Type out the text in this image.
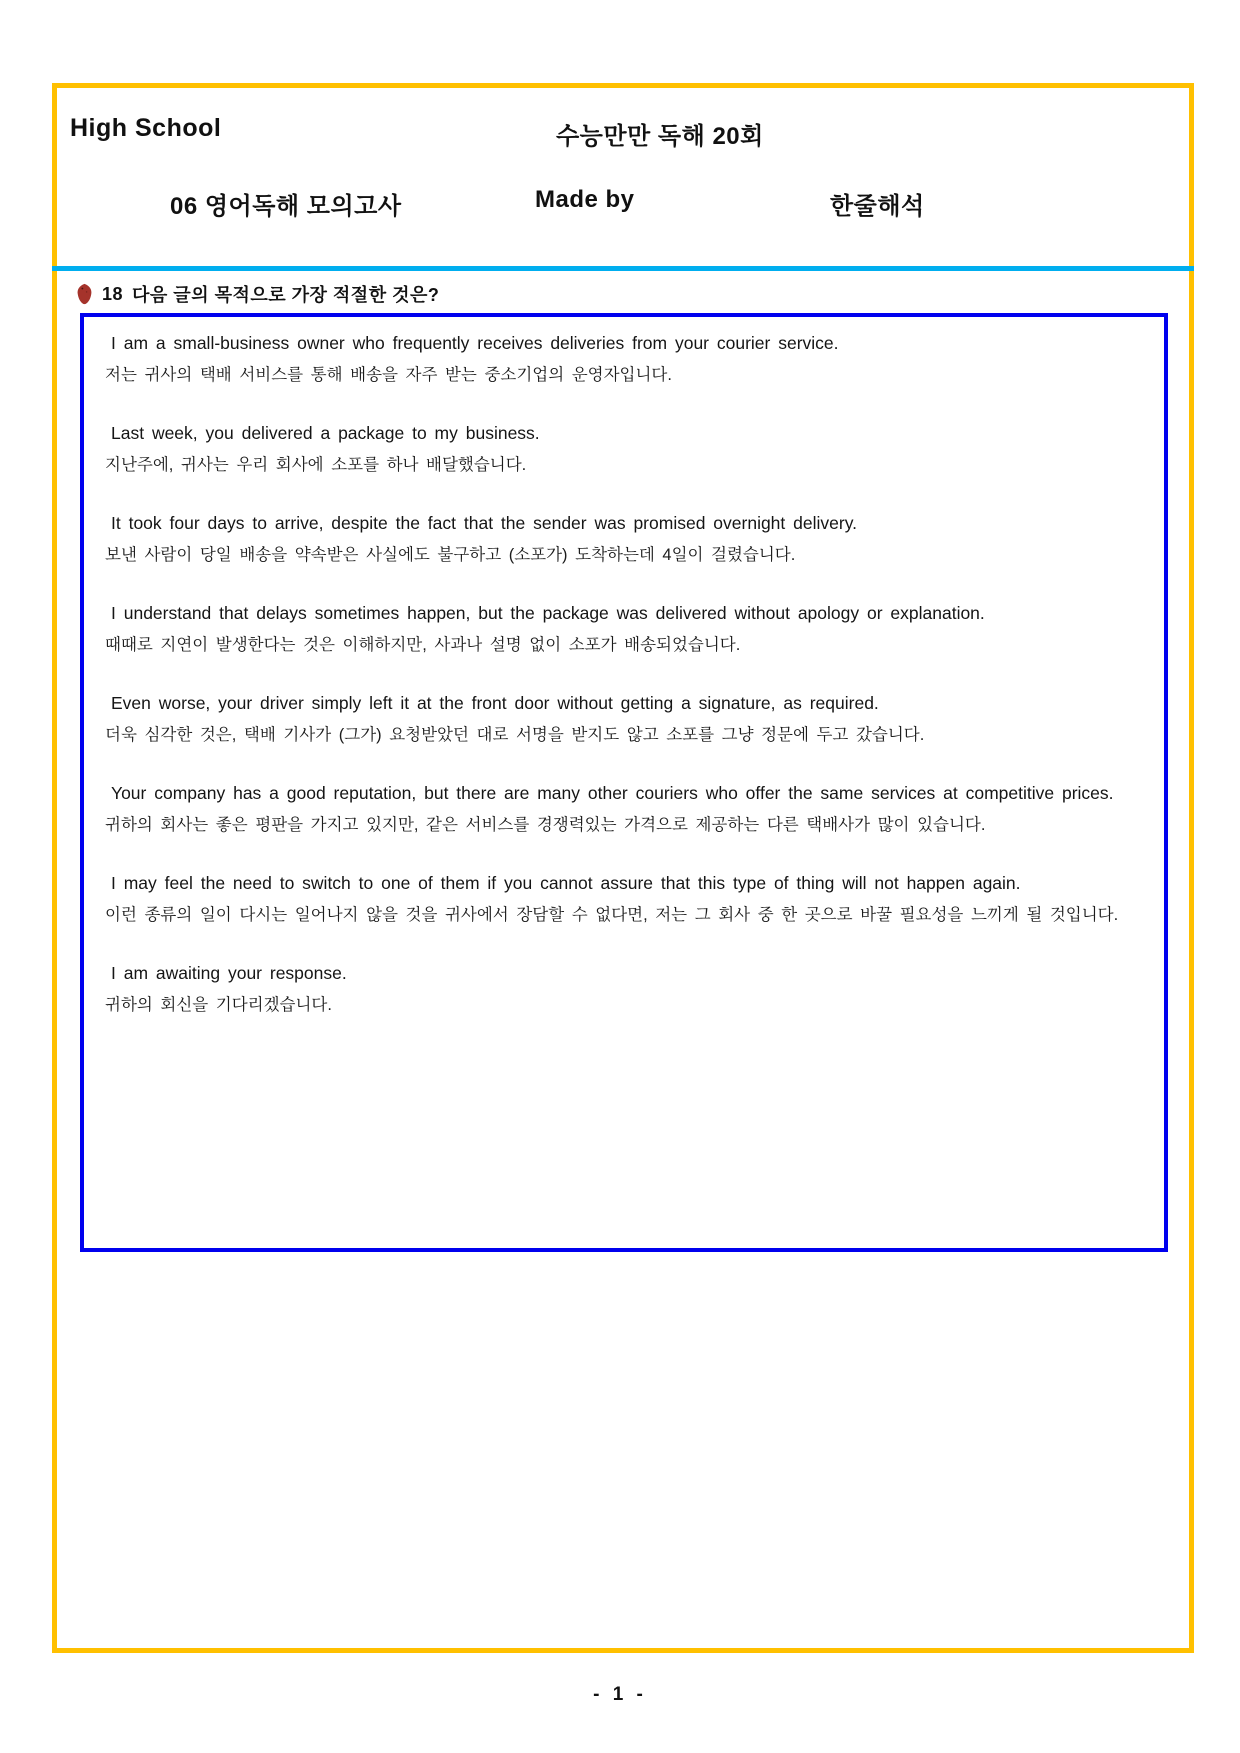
High School	수능만만 독해 20회
06 영어독해 모의고사	Made by	한줄해석
18 다음 글의 목적으로 가장 적절한 것은?

I am a small-business owner who frequently receives deliveries from your courier service.

저는 귀사의 택배 서비스를 통해 배송을 자주 받는 중소기업의 운영자입니다.

Last week, you delivered a package to my business.

지난주에, 귀사는 우리 회사에 소포를 하나 배달했습니다.

It took four days to arrive, despite the fact that the sender was promised overnight delivery.

보낸 사람이 당일 배송을 약속받은 사실에도 불구하고 (소포가) 도착하는데 4일이 걸렸습니다.

I understand that delays sometimes happen, but the package was delivered without apology or explanation.

때때로 지연이 발생한다는 것은 이해하지만, 사과나 설명 없이 소포가 배송되었습니다.

Even worse, your driver simply left it at the front door without getting a signature, as required.

더욱 심각한 것은, 택배 기사가 (그가) 요청받았던 대로 서명을 받지도 않고 소포를 그냥 정문에 두고 갔습니다.

Your company has a good reputation, but there are many other couriers who offer the same services at competitive prices.

귀하의 회사는 좋은 평판을 가지고 있지만, 같은 서비스를 경쟁력있는 가격으로 제공하는 다른 택배사가 많이 있습니다.

I may feel the need to switch to one of them if you cannot assure that this type of thing will not happen again.

이런 종류의 일이 다시는 일어나지 않을 것을 귀사에서 장담할 수 없다면, 저는 그 회사 중 한 곳으로 바꿀 필요성을 느끼게 될 것입니다.

I am awaiting your response.

귀하의 회신을 기다리겠습니다.

- 1 -
